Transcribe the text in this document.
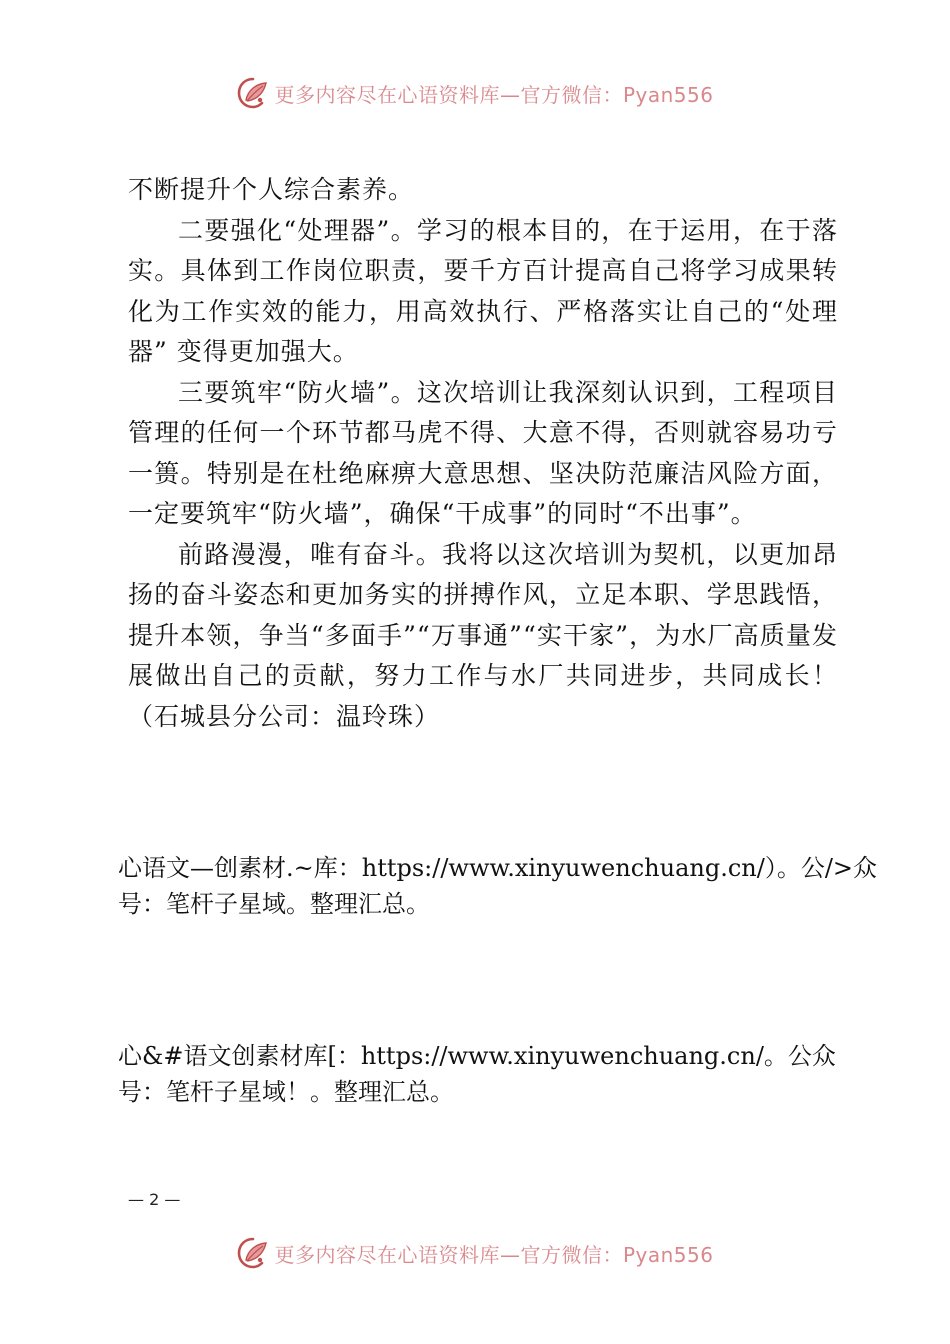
更多内容尽在心语资料库—官方微信：Pyan556

不断提升个人综合素养。

二要强化“处理器”。学习的根本目的，在于运用，在于落实。具体到工作岗位职责，要千方百计提高自己将学习成果转化为工作实效的能力，用高效执行、严格落实让自己的“处理器” 变得更加强大。

三要筑牢“防火墙”。这次培训让我深刻认识到，工程项目管理的任何一个环节都马虎不得、大意不得，否则就容易功亏一篑。特别是在杜绝麻痹大意思想、坚决防范廉洁风险方面，一定要筑牢“防火墙”，确保“干成事”的同时“不出事”。

前路漫漫，唯有奋斗。我将以这次培训为契机，以更加昂扬的奋斗姿态和更加务实的拼搏作风，立足本职、学思践悟，提升本领，争当“多面手”“万事通”“实干家”，为水厂高质量发 展做出自己的贡献，努力工作与水厂共同进步，共同成长！（石城县分公司：温玲珠）

心语文—创素材.~库：https://www.xinyuwenchuang.cn/）。公/>众号：笔杆子星域。整理汇总。

心&#语文创素材库[：https://www.xinyuwenchuang.cn/。公众号：笔杆子星域！。整理汇总。

— 2 —
更多内容尽在心语资料库—官方微信：Pyan556
